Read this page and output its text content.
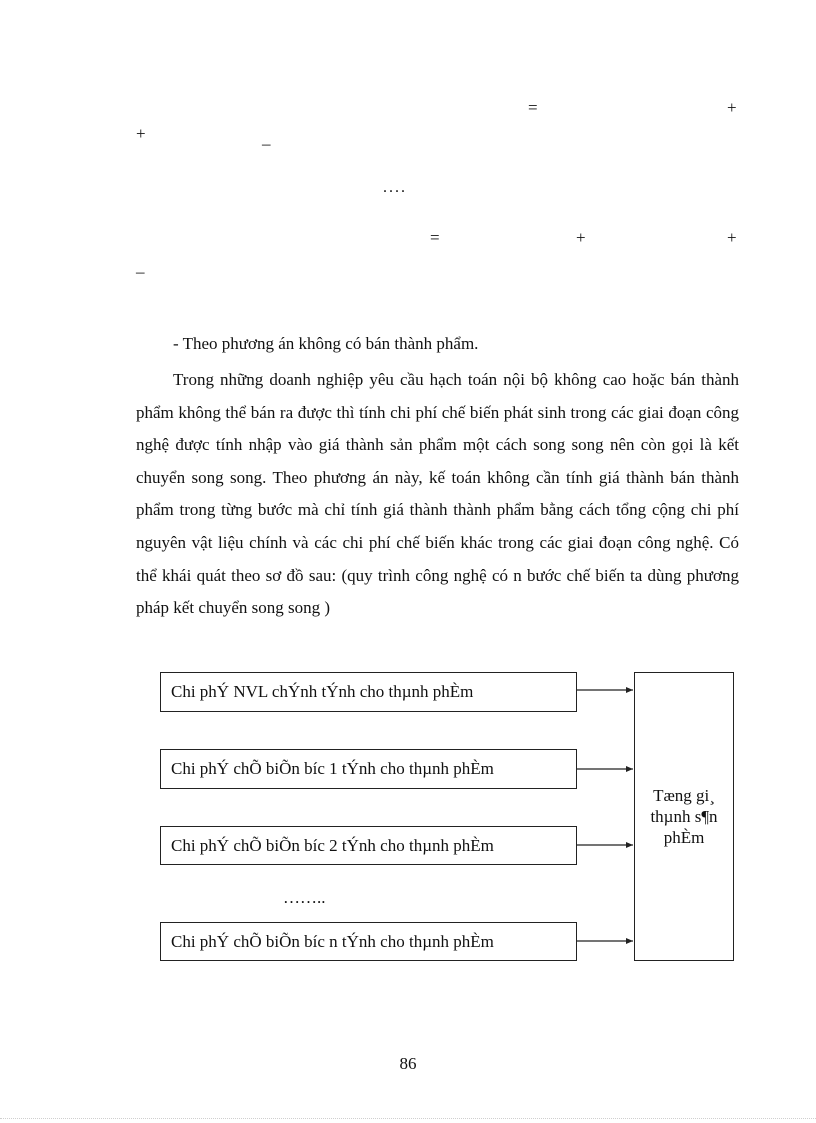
=	+
+
–
....
=	+	+
–
- Theo phương án không có bán thành phẩm.

Trong những doanh nghiệp yêu cầu hạch toán nội bộ không cao hoặc bán thành phẩm không thể bán ra được thì tính chi phí chế biến phát sinh trong các giai đoạn công nghệ được tính nhập vào giá thành sản phẩm một cách song song nên còn gọi là kết chuyển song song. Theo phương án này, kế toán không cần tính giá thành bán thành phẩm trong từng bước mà chỉ tính giá thành thành phẩm bằng cách tổng cộng chi phí nguyên vật liệu chính và các chi phí chế biến khác trong các giai đoạn công nghệ. Có thể khái quát theo sơ đồ sau: (quy trình công nghệ có n bước chế biến ta dùng phương pháp kết chuyển song song )

Chi phÝ NVL chÝnh tÝnh cho thµnh phÈm
Chi phÝ chÕ biÕn bíc 1 tÝnh cho thµnh phÈm
Chi phÝ chÕ biÕn bíc 2 tÝnh cho thµnh phÈm
……..
Chi phÝ chÕ biÕn bíc n tÝnh cho thµnh phÈm
Tæng gi¸
thµnh s¶n
phÈm
86
